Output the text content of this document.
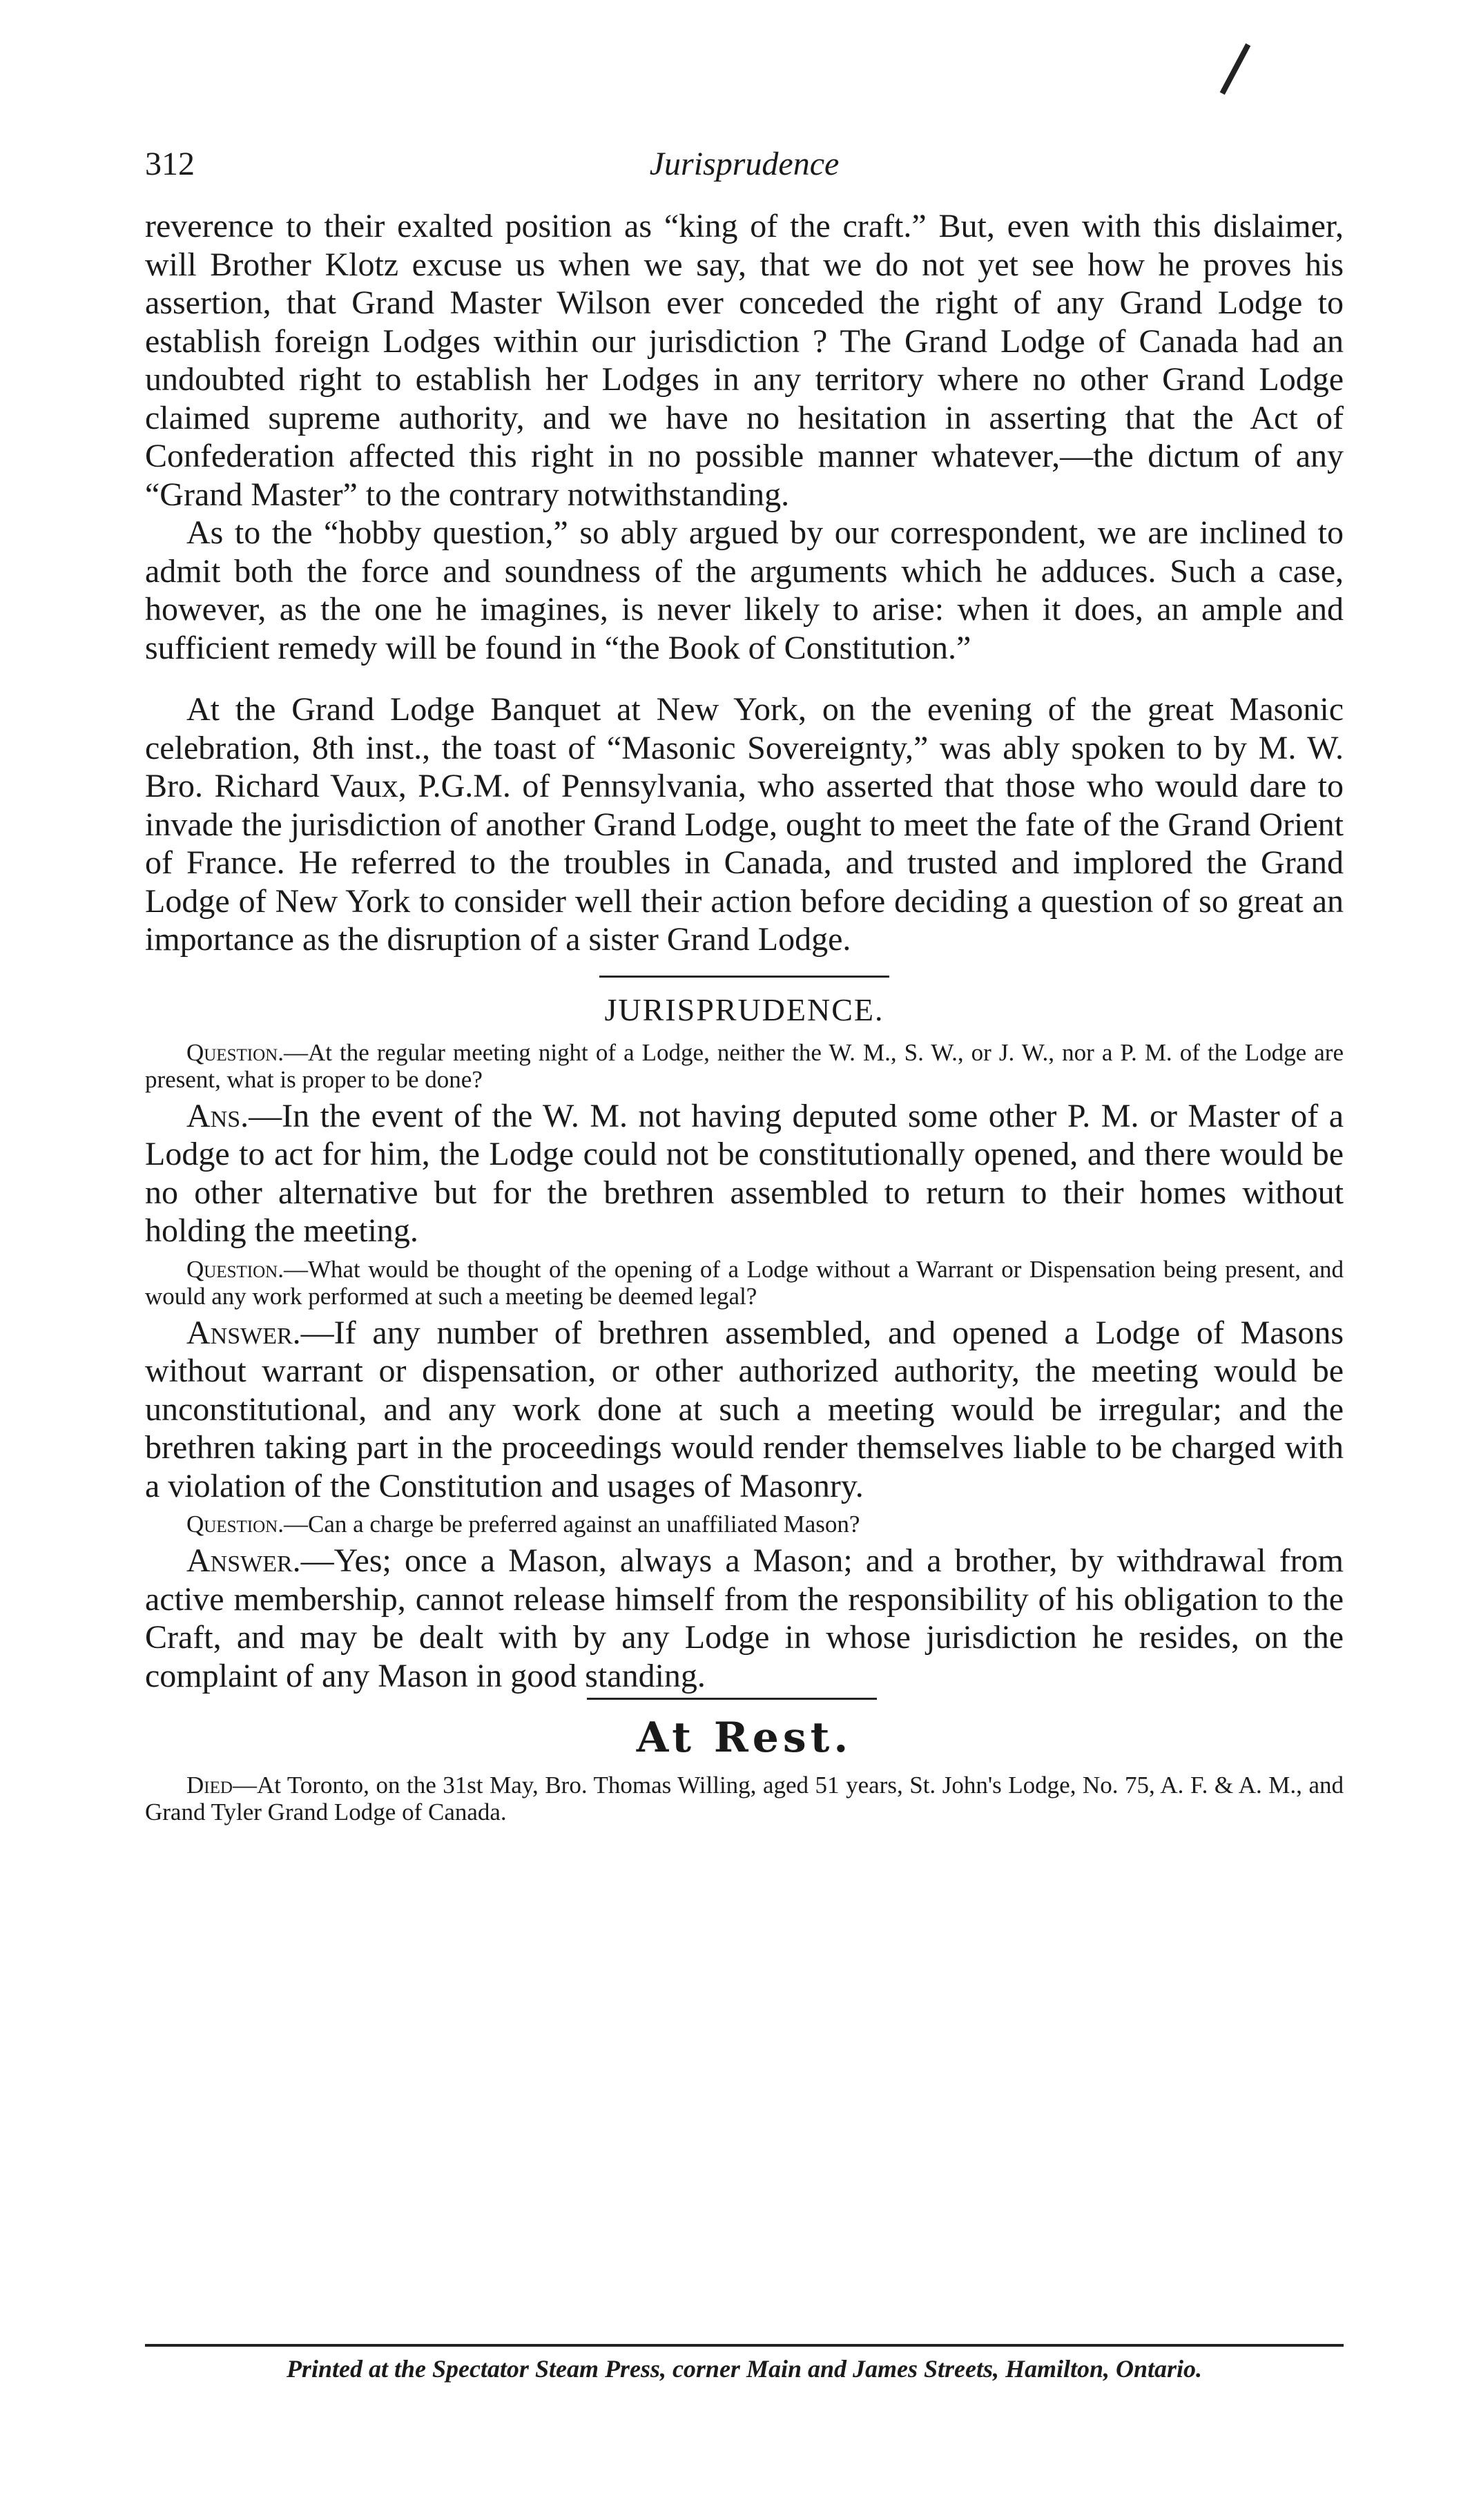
312	Jurisprudence

reverence to their exalted position as “king of the craft.” But, even with this dislaimer, will Brother Klotz excuse us when we say, that we do not yet see how he proves his assertion, that Grand Master Wilson ever conceded the right of any Grand Lodge to establish foreign Lodges within our jurisdiction ? The Grand Lodge of Canada had an undoubted right to establish her Lodges in any territory where no other Grand Lodge claimed supreme authority, and we have no hesitation in asserting that the Act of Confederation affected this right in no possible manner whatever,—the dictum of any “Grand Master” to the contrary notwithstanding.

As to the “hobby question,” so ably argued by our correspondent, we are inclined to admit both the force and soundness of the arguments which he adduces. Such a case, however, as the one he imagines, is never likely to arise: when it does, an ample and sufficient remedy will be found in “the Book of Constitution.”

At the Grand Lodge Banquet at New York, on the evening of the great Masonic celebration, 8th inst., the toast of “Masonic Sovereignty,” was ably spoken to by M. W. Bro. Richard Vaux, P.G.M. of Pennsylvania, who asserted that those who would dare to invade the jurisdiction of another Grand Lodge, ought to meet the fate of the Grand Orient of France. He referred to the troubles in Canada, and trusted and implored the Grand Lodge of New York to consider well their action before deciding a question of so great an importance as the disruption of a sister Grand Lodge.

JURISPRUDENCE.
Question.—At the regular meeting night of a Lodge, neither the W. M., S. W., or J. W., nor a P. M. of the Lodge are present, what is proper to be done?

Ans.—In the event of the W. M. not having deputed some other P. M. or Master of a Lodge to act for him, the Lodge could not be constitutionally opened, and there would be no other alternative but for the brethren assembled to return to their homes without holding the meeting.

Question.—What would be thought of the opening of a Lodge without a Warrant or Dispensation being present, and would any work performed at such a meeting be deemed legal?

Answer.—If any number of brethren assembled, and opened a Lodge of Masons without warrant or dispensation, or other authorized authority, the meeting would be unconstitutional, and any work done at such a meeting would be irregular; and the brethren taking part in the proceedings would render themselves liable to be charged with a violation of the Constitution and usages of Masonry.

Question.—Can a charge be preferred against an unaffiliated Mason?

Answer.—Yes; once a Mason, always a Mason; and a brother, by withdrawal from active membership, cannot release himself from the responsibility of his obligation to the Craft, and may be dealt with by any Lodge in whose jurisdiction he resides, on the complaint of any Mason in good standing.

At Rest.
Died—At Toronto, on the 31st May, Bro. Thomas Willing, aged 51 years, St. John's Lodge, No. 75, A. F. & A. M., and Grand Tyler Grand Lodge of Canada.
Printed at the Spectator Steam Press, corner Main and James Streets, Hamilton, Ontario.
